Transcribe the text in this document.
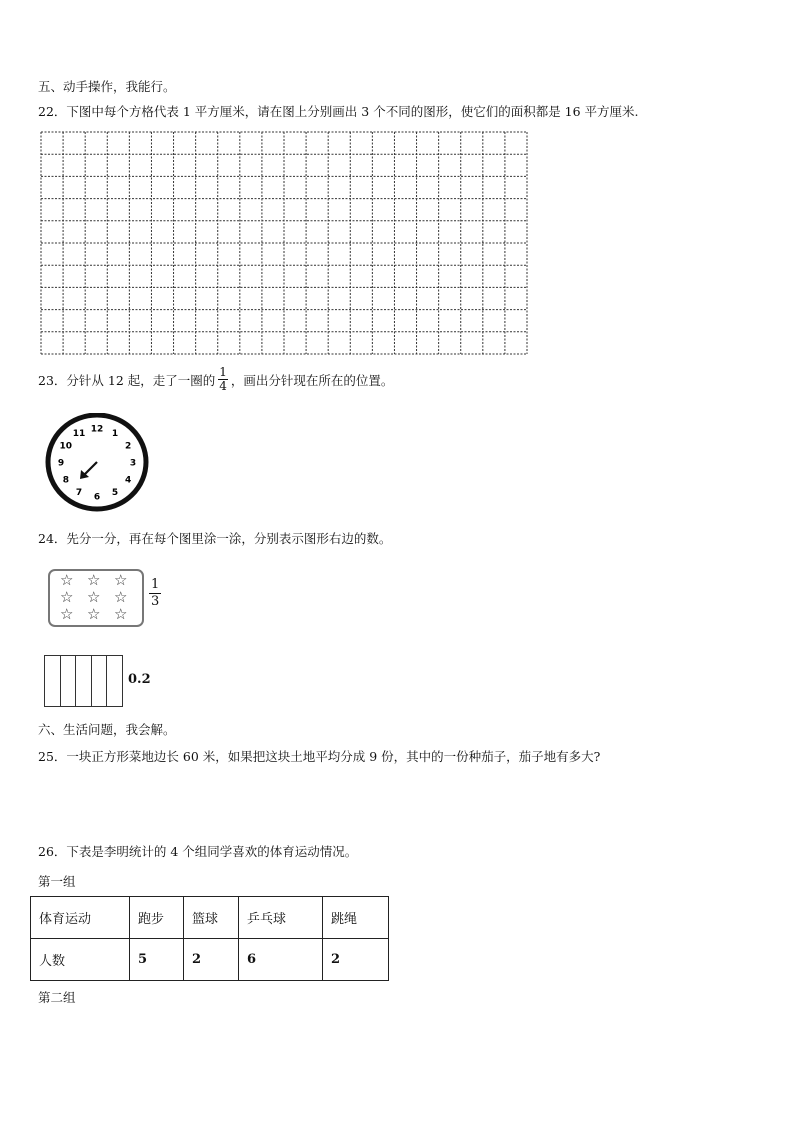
五、动手操作，我能行。
22．下图中每个方格代表 1 平方厘米，请在图上分别画出 3 个不同的图形，使它们的面积都是 16 平方厘米.
23．分针从 12 起，走了一圈的 $\frac{1}{4}$ ，画出分针现在所在的位置。
12 1
2
3
4
5
6
7
8
9
10
11
24．先分一分，再在每个图里涂一涂，分别表示图形右边的数。
☆ ☆ ☆
☆ ☆ ☆
☆ ☆ ☆
$\frac{1}{3}$
0.2
六、生活问题，我会解。
25．一块正方形菜地边长 60 米，如果把这块土地平均分成 9 份，其中的一份种茄子，茄子地有多大?
26．下表是李明统计的 4 个组同学喜欢的体育运动情况。
第一组
体育运动	跑步	篮球	乒乓球	跳绳
人数	5	2	6	2
第二组
